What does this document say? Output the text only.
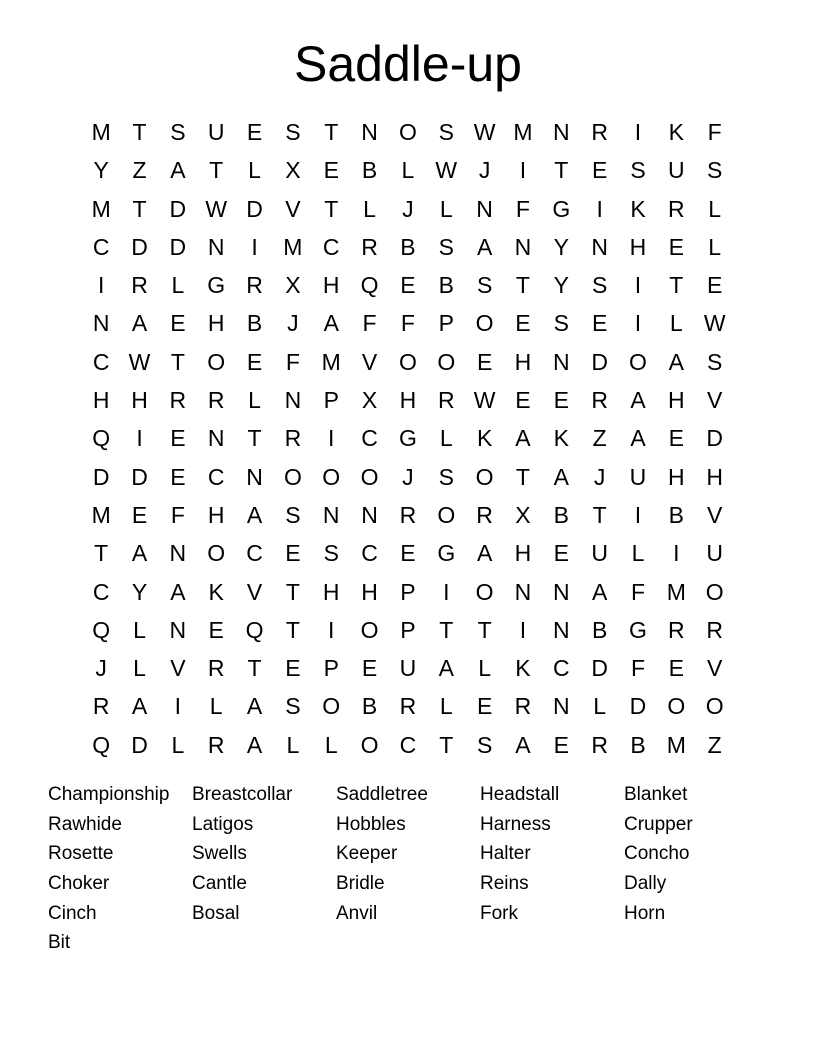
Saddle-up
M T	S U E	S	T	N O S W M N R	I	K	F
Y	Z	A	T	L	X	E	B	L W J	I	T	E	S U S
M T	D W D V	T	L	J	L	N	F G	I	K R	L
C D D N	I	M C R B	S	A N Y N H E	L
I	R	L	G R X H Q E	B	S	T	Y	S	I	T	E
N A	E H B	J	A	F	F	P O E	S	E	I	L W
C W T O E	F M V O O E H N D O A	S
H H R R	L	N P	X H R W E	E R A H V
Q	I	E N	T	R	I	C G	L	K	A	K	Z	A	E D
D D E C N O O O	J	S O T	A	J	U H H
M E	F	H A	S N N R O R X	B	T	I	B	V
T	A N O C E	S C E G A H E U	L	I	U
C Y	A	K	V	T	H H P	I	O N N A	F M O
Q	L	N E Q T	I	O P	T	T	I	N B G R R
J	L	V R	T	E	P	E U A	L	K C D	F	E	V
R A	I	L	A	S O B R	L	E R N	L	D O O
Q D	L	R A	L	L	O C	T	S	A	E R B M Z
Championship	Breastcollar	Saddletree	Headstall	Blanket
Rawhide	Latigos	Hobbles	Harness	Crupper
Rosette	Swells	Keeper	Halter	Concho
Choker	Cantle	Bridle	Reins	Dally
Cinch	Bosal	Anvil	Fork	Horn
Bit
